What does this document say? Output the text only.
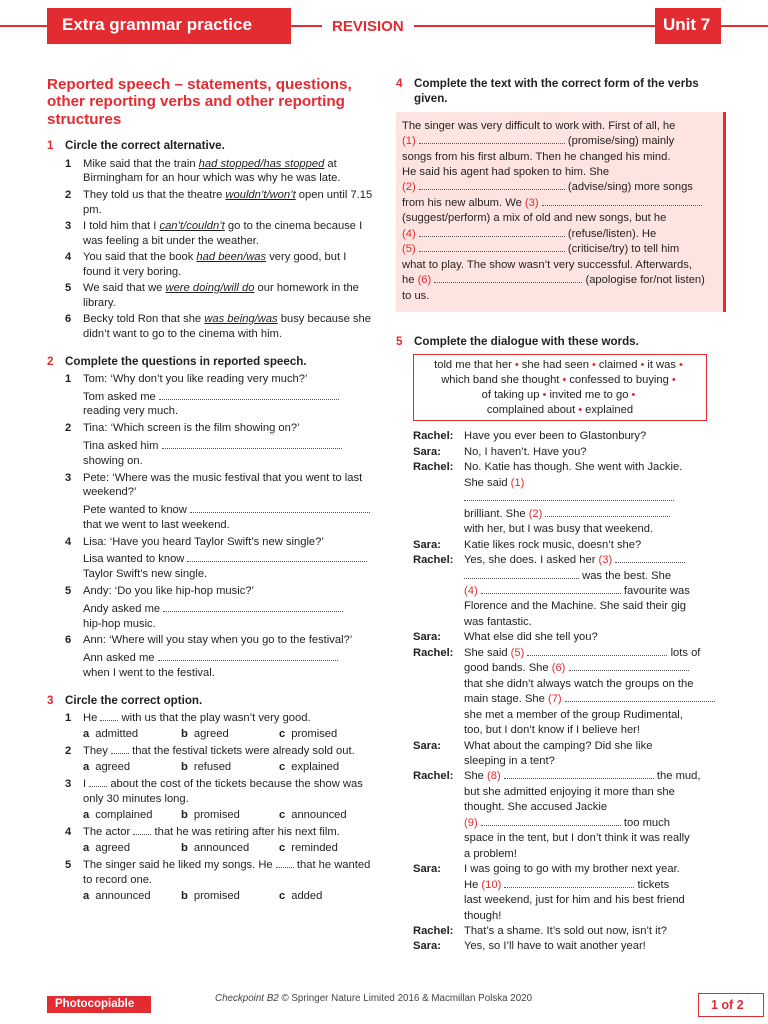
Extra grammar practice	REVISION	Unit 7
Reported speech – statements, questions, other reporting verbs and other reporting structures
1 Circle the correct alternative.
1	Mike said that the train had stopped/has stopped at Birmingham for an hour which was why he was late.
2	They told us that the theatre wouldn’t/won’t open until 7.15 pm.
3	I told him that I can’t/couldn’t go to the cinema because I was feeling a bit under the weather.
4	You said that the book had been/was very good, but I found it very boring.
5	We said that we were doing/will do our homework in the library.
6	Becky told Ron that she was being/was busy because she didn’t want to go to the cinema with him.
2 Complete the questions in reported speech.
1	Tom: ‘Why don’t you like reading very much?’
Tom asked me
reading very much.
2	Tina: ‘Which screen is the film showing on?’
Tina asked him
showing on.
3	Pete: ‘Where was the music festival that you went to last weekend?’
Pete wanted to know
that we went to last weekend.
4	Lisa: ‘Have you heard Taylor Swift’s new single?’
Lisa wanted to know
Taylor Swift’s new single.
5	Andy: ‘Do you like hip-hop music?’
Andy asked me
hip-hop music.
6	Ann: ‘Where will you stay when you go to the festival?’
Ann asked me
when I went to the festival.
3 Circle the correct option.
1	He with us that the play wasn’t very good.
a admitted	b agreed	c promised
2	They that the festival tickets were already sold out.
a agreed	b refused	c explained
3	I about the cost of the tickets because the show was only 30 minutes long.
a complained	b promised	c announced
4	The actor that he was retiring after his next film.
a agreed	b announced	c reminded
5	The singer said he liked my songs. He that he wanted to record one.
a announced	b promised	c added
4 Complete the text with the correct form of the verbs given.
The singer was very difficult to work with. First of all, he
(1)	(promise/sing) mainly
songs from his first album. Then he changed his mind.
He said his agent had spoken to him. She
(2)	(advise/sing) more songs
from his new album. We (3)
(suggest/perform) a mix of old and new songs, but he
(4)	(refuse/listen). He
(5)	(criticise/try) to tell him
what to play. The show wasn’t very successful. Afterwards,
he (6)	(apologise for/not listen)
to us.
5 Complete the dialogue with these words.
told me that her • she had seen • claimed • it was •
which band she thought • confessed to buying •
of taking up • invited me to go •
complained about • explained
Rachel: Have you ever been to Glastonbury?
Sara:	No, I haven’t. Have you?
Rachel: No. Katie has though. She went with Jackie.
She said (1)
brilliant. She (2)
with her, but I was busy that weekend.
Sara:	Katie likes rock music, doesn’t she?
Rachel: Yes, she does. I asked her (3)
was the best. She
(4)	favourite was
Florence and the Machine. She said their gig
was fantastic.
Sara:	What else did she tell you?
Rachel: She said (5)	lots of
good bands. She (6)
that she didn’t always watch the groups on the
main stage. She (7)
she met a member of the group Rudimental,
too, but I don’t know if I believe her!
Sara:	What about the camping? Did she like
sleeping in a tent?
Rachel: She (8)	the mud,
but she admitted enjoying it more than she
thought. She accused Jackie
(9)	too much
space in the tent, but I don’t think it was really
a problem!
Sara:	I was going to go with my brother next year.
He (10)	tickets
last weekend, just for him and his best friend
though!
Rachel: That’s a shame. It’s sold out now, isn’t it?
Sara:	Yes, so I’ll have to wait another year!
Photocopiable	Checkpoint B2 © Springer Nature Limited 2016 & Macmillan Polska 2020	1 of 2
